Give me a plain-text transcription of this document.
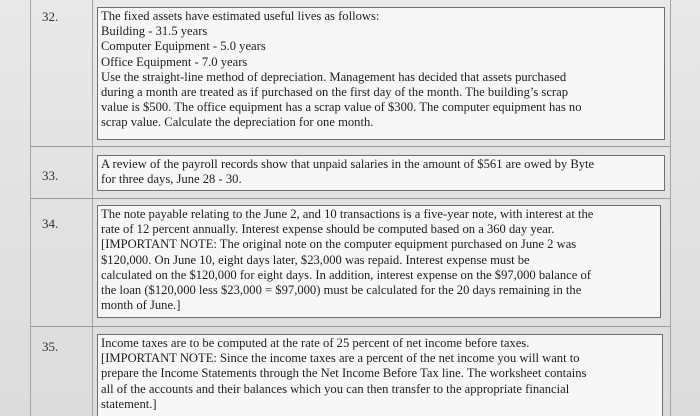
32.	The fixed assets have estimated useful lives as follows:
Building - 31.5 years
Computer Equipment - 5.0 years
Office Equipment - 7.0 years
Use the straight-line method of depreciation. Management has decided that assets purchased
during a month are treated as if purchased on the first day of the month. The building’s scrap
value is $500. The office equipment has a scrap value of $300. The computer equipment has no
scrap value. Calculate the depreciation for one month.
33.
A review of the payroll records show that unpaid salaries in the amount of $561 are owed by Byte
for three days, June 28 - 30.
34.
The note payable relating to the June 2, and 10 transactions is a five-year note, with interest at the
rate of 12 percent annually. Interest expense should be computed based on a 360 day year.
[IMPORTANT NOTE: The original note on the computer equipment purchased on June 2 was
$120,000. On June 10, eight days later, $23,000 was repaid. Interest expense must be
calculated on the $120,000 for eight days. In addition, interest expense on the $97,000 balance of
the loan ($120,000 less $23,000 = $97,000) must be calculated for the 20 days remaining in the
month of June.]
35.	Income taxes are to be computed at the rate of 25 percent of net income before taxes.
[IMPORTANT NOTE: Since the income taxes are a percent of the net income you will want to
prepare the Income Statements through the Net Income Before Tax line. The worksheet contains
all of the accounts and their balances which you can then transfer to the appropriate financial
statement.]
